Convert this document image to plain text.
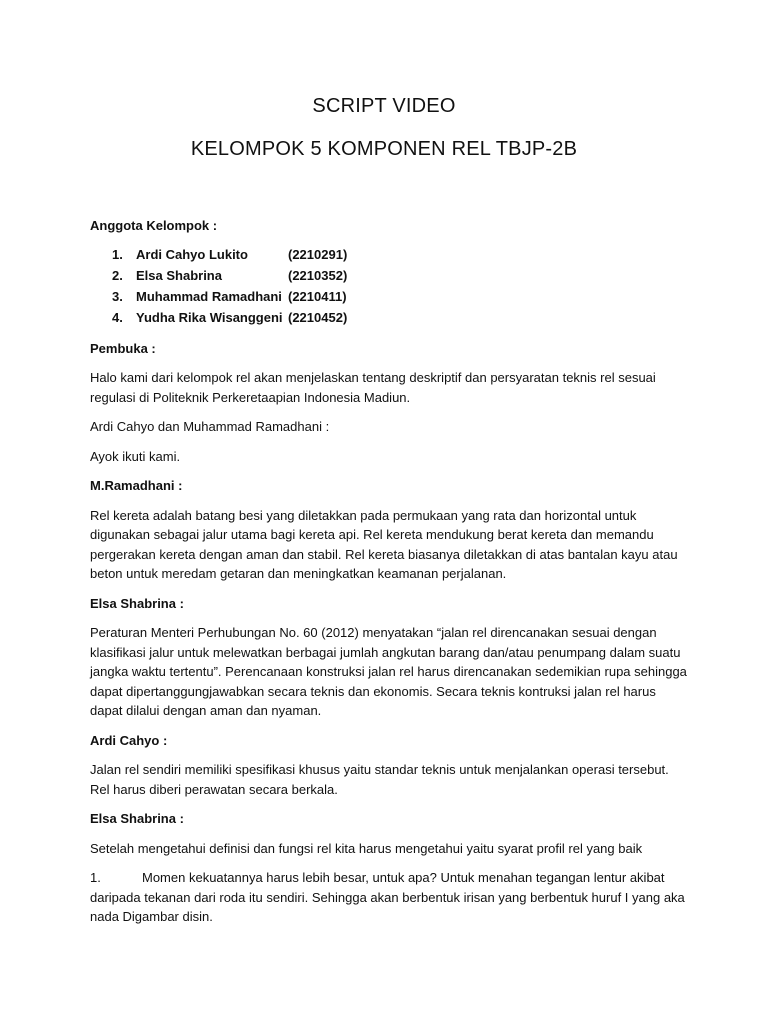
SCRIPT VIDEO
KELOMPOK 5 KOMPONEN REL TBJP-2B

Anggota Kelompok :

1.	Ardi Cahyo Lukito	(2210291)
2.	Elsa Shabrina	(2210352)
3.	Muhammad Ramadhani (2210411)
4.	Yudha Rika Wisanggeni (2210452)

Pembuka :

Halo kami dari kelompok rel akan menjelaskan tentang deskriptif dan persyaratan teknis rel sesuai regulasi di Politeknik Perkeretaapian Indonesia Madiun.

Ardi Cahyo dan Muhammad Ramadhani :

Ayok ikuti kami.

M.Ramadhani :

Rel kereta adalah batang besi yang diletakkan pada permukaan yang rata dan horizontal untuk digunakan sebagai jalur utama bagi kereta api. Rel kereta mendukung berat kereta dan memandu pergerakan kereta dengan aman dan stabil. Rel kereta biasanya diletakkan di atas bantalan kayu atau beton untuk meredam getaran dan meningkatkan keamanan perjalanan.

Elsa Shabrina :

Peraturan Menteri Perhubungan No. 60 (2012) menyatakan “jalan rel direncanakan sesuai dengan klasifikasi jalur untuk melewatkan berbagai jumlah angkutan barang dan/atau penumpang dalam suatu jangka waktu tertentu”. Perencanaan konstruksi jalan rel harus direncanakan sedemikian rupa sehingga dapat dipertanggungjawabkan secara teknis dan ekonomis. Secara teknis kontruksi jalan rel harus dapat dilalui dengan aman dan nyaman.

Ardi Cahyo :

Jalan rel sendiri memiliki spesifikasi khusus yaitu standar teknis untuk menjalankan operasi tersebut. Rel harus diberi perawatan secara berkala.

Elsa Shabrina :

Setelah mengetahui definisi dan fungsi rel kita harus mengetahui yaitu syarat profil rel yang baik

1.	Momen kekuatannya harus lebih besar, untuk apa? Untuk menahan tegangan lentur akibat daripada tekanan dari roda itu sendiri. Sehingga akan berbentuk irisan yang berbentuk huruf I yang aka nada Digambar disin.
